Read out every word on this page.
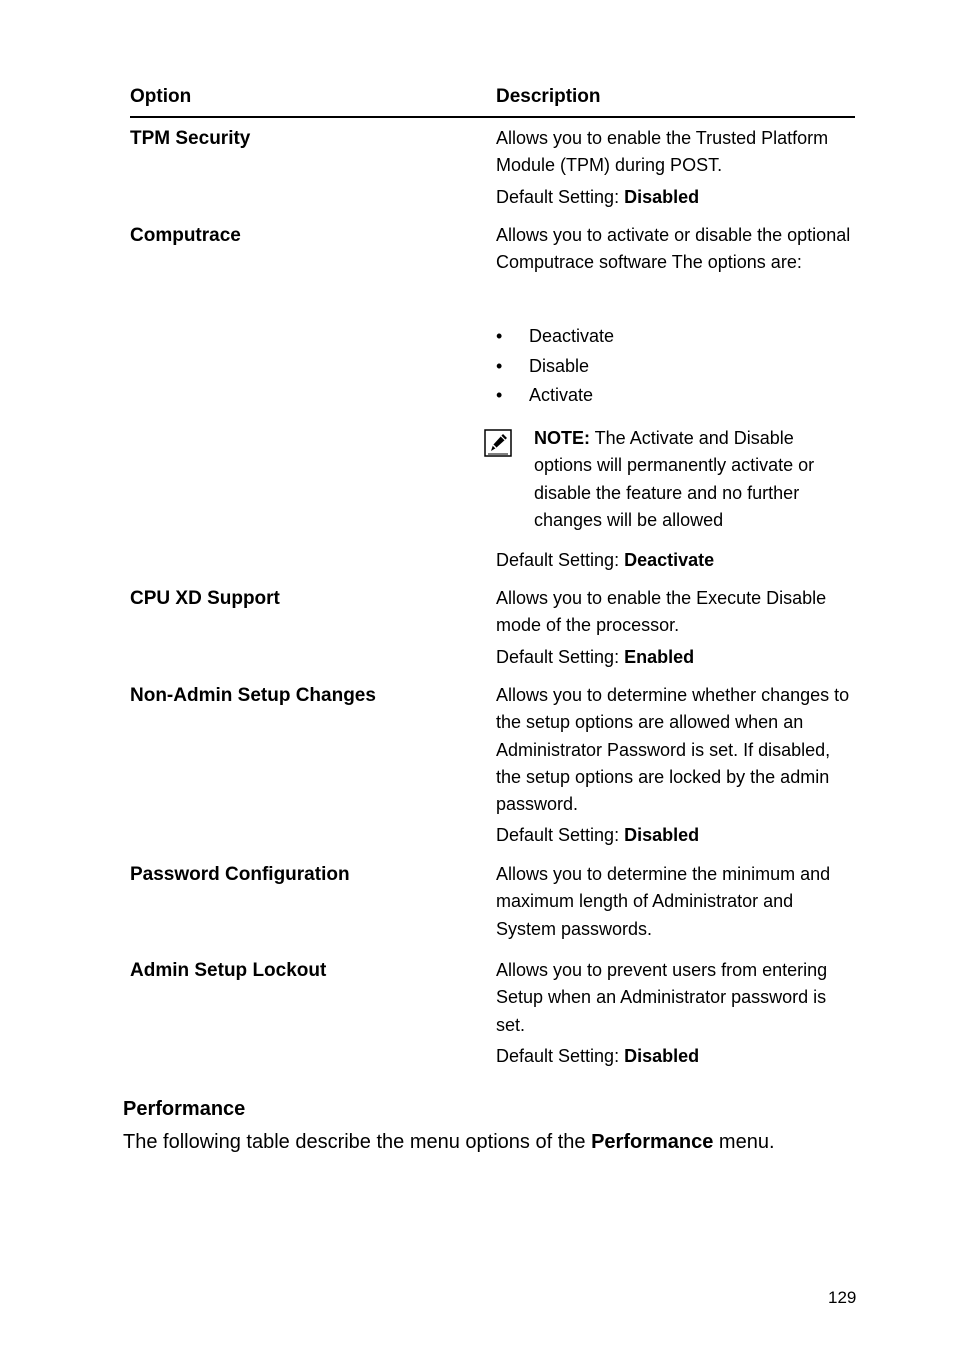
Option	Description
TPM Security	Allows you to enable the Trusted Platform Module (TPM) during POST.

Default Setting: Disabled

Computrace	Allows you to activate or disable the optional Computrace software The options are:

• Deactivate
• Disable
• Activate
NOTE: The Activate and Disable options will permanently activate or disable the feature and no further changes will be allowed

Default Setting: Deactivate

CPU XD Support	Allows you to enable the Execute Disable mode of the processor.

Default Setting: Enabled

Non-Admin Setup Changes	Allows you to determine whether changes to the setup options are allowed when an Administrator Password is set. If disabled, the setup options are locked by the admin password.

Default Setting: Disabled

Password Configuration	Allows you to determine the minimum and maximum length of Administrator and System passwords.

Admin Setup Lockout	Allows you to prevent users from entering Setup when an Administrator password is set.

Default Setting: Disabled

Performance
The following table describe the menu options of the Performance menu.
129
